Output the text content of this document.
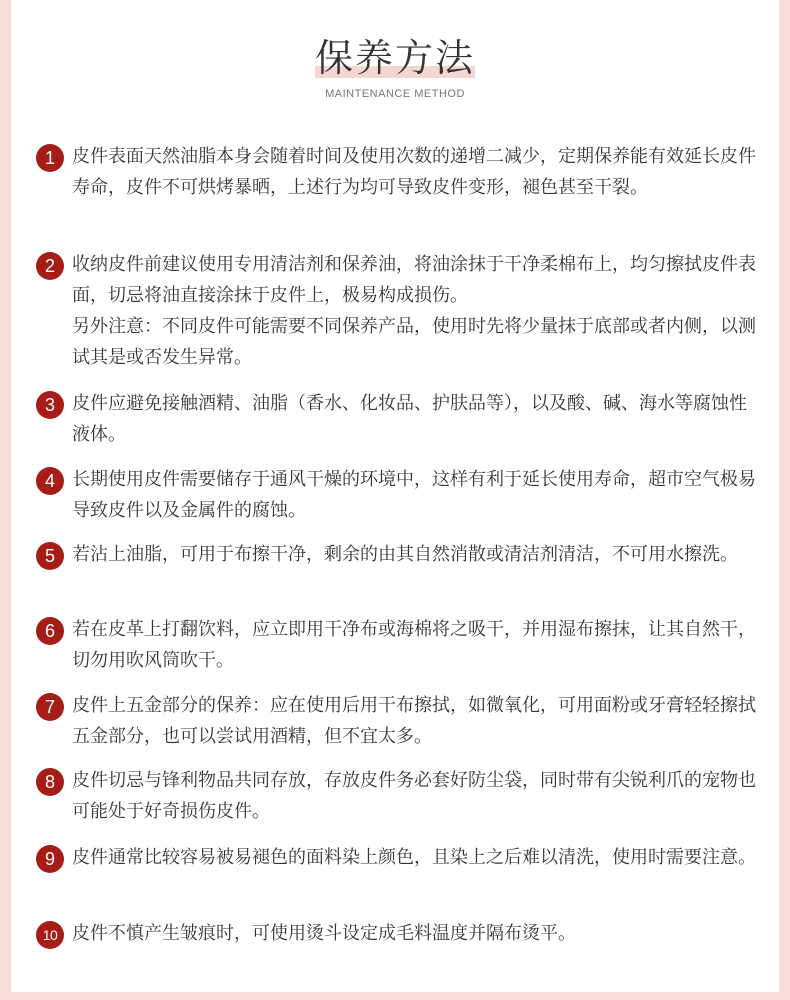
保养方法
MAINTENANCE METHOD
1 皮件表面天然油脂本身会随着时间及使用次数的递增二减少，定期保养能有效延长皮件寿命，皮件不可烘烤暴晒，上述行为均可导致皮件变形，褪色甚至干裂。

2 收纳皮件前建议使用专用清洁剂和保养油，将油涂抹于干净柔棉布上，均匀擦拭皮件表面，切忌将油直接涂抹于皮件上，极易构成损伤。

另外注意：不同皮件可能需要不同保养产品，使用时先将少量抹于底部或者内侧，以测试其是或否发生异常。

3 皮件应避免接触酒精、油脂（香水、化妆品、护肤品等），以及酸、碱、海水等腐蚀性液体。

4 长期使用皮件需要储存于通风干燥的环境中，这样有利于延长使用寿命，超市空气极易导致皮件以及金属件的腐蚀。

5 若沾上油脂，可用于布擦干净，剩余的由其自然消散或清洁剂清洁，不可用水擦洗。

6 若在皮革上打翻饮料，应立即用干净布或海棉将之吸干，并用湿布擦抹，让其自然干，切勿用吹风筒吹干。

7 皮件上五金部分的保养：应在使用后用干布擦拭，如微氧化，可用面粉或牙膏轻轻擦拭五金部分，也可以尝试用酒精，但不宜太多。

8 皮件切忌与锋利物品共同存放，存放皮件务必套好防尘袋，同时带有尖锐利爪的宠物也可能处于好奇损伤皮件。

9 皮件通常比较容易被易褪色的面料染上颜色，且染上之后难以清洗，使用时需要注意。

10 皮件不慎产生皱痕时，可使用烫斗设定成毛料温度并隔布烫平。
